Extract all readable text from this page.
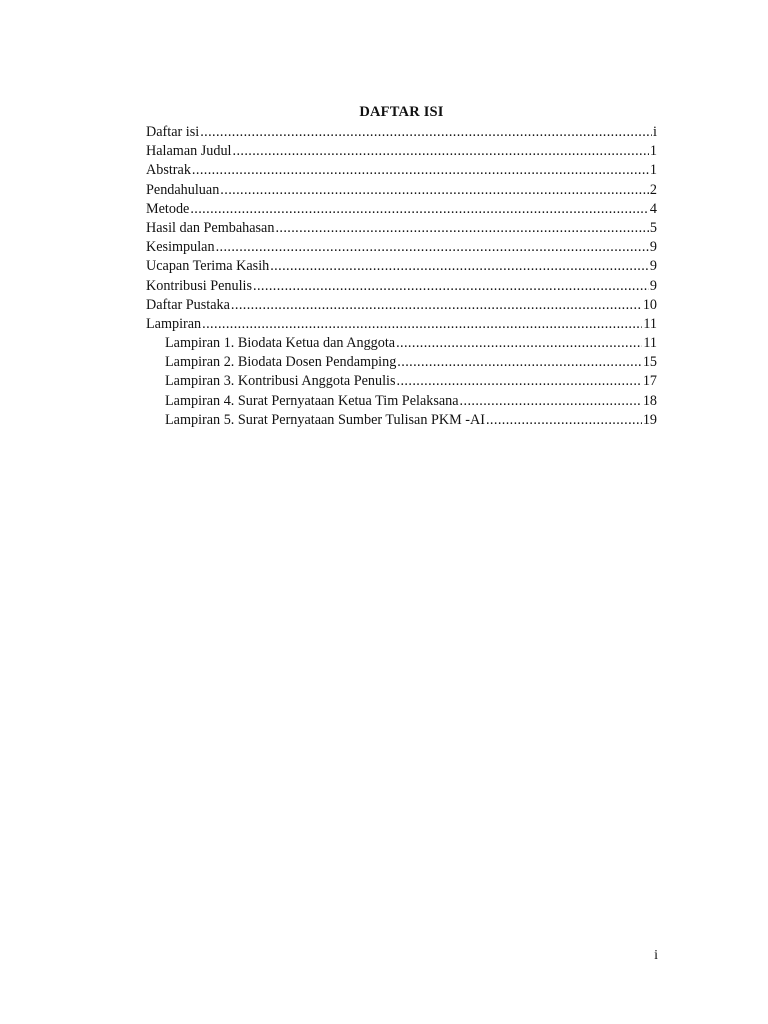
DAFTAR ISI
Daftar isi .....	i
Halaman Judul .....	1
Abstrak .....	1
Pendahuluan .....	2
Metode .....	4
Hasil dan Pembahasan .....	5
Kesimpulan .....	9
Ucapan Terima Kasih .....	9
Kontribusi Penulis .....	9
Daftar Pustaka .....	10
Lampiran .....	11
Lampiran 1. Biodata Ketua dan Anggota .....	11
Lampiran 2. Biodata Dosen Pendamping .....	15
Lampiran 3. Kontribusi Anggota Penulis .....	17
Lampiran 4. Surat Pernyataan Ketua Tim Pelaksana .....	18
Lampiran 5. Surat Pernyataan Sumber Tulisan PKM -AI .....	19
i
